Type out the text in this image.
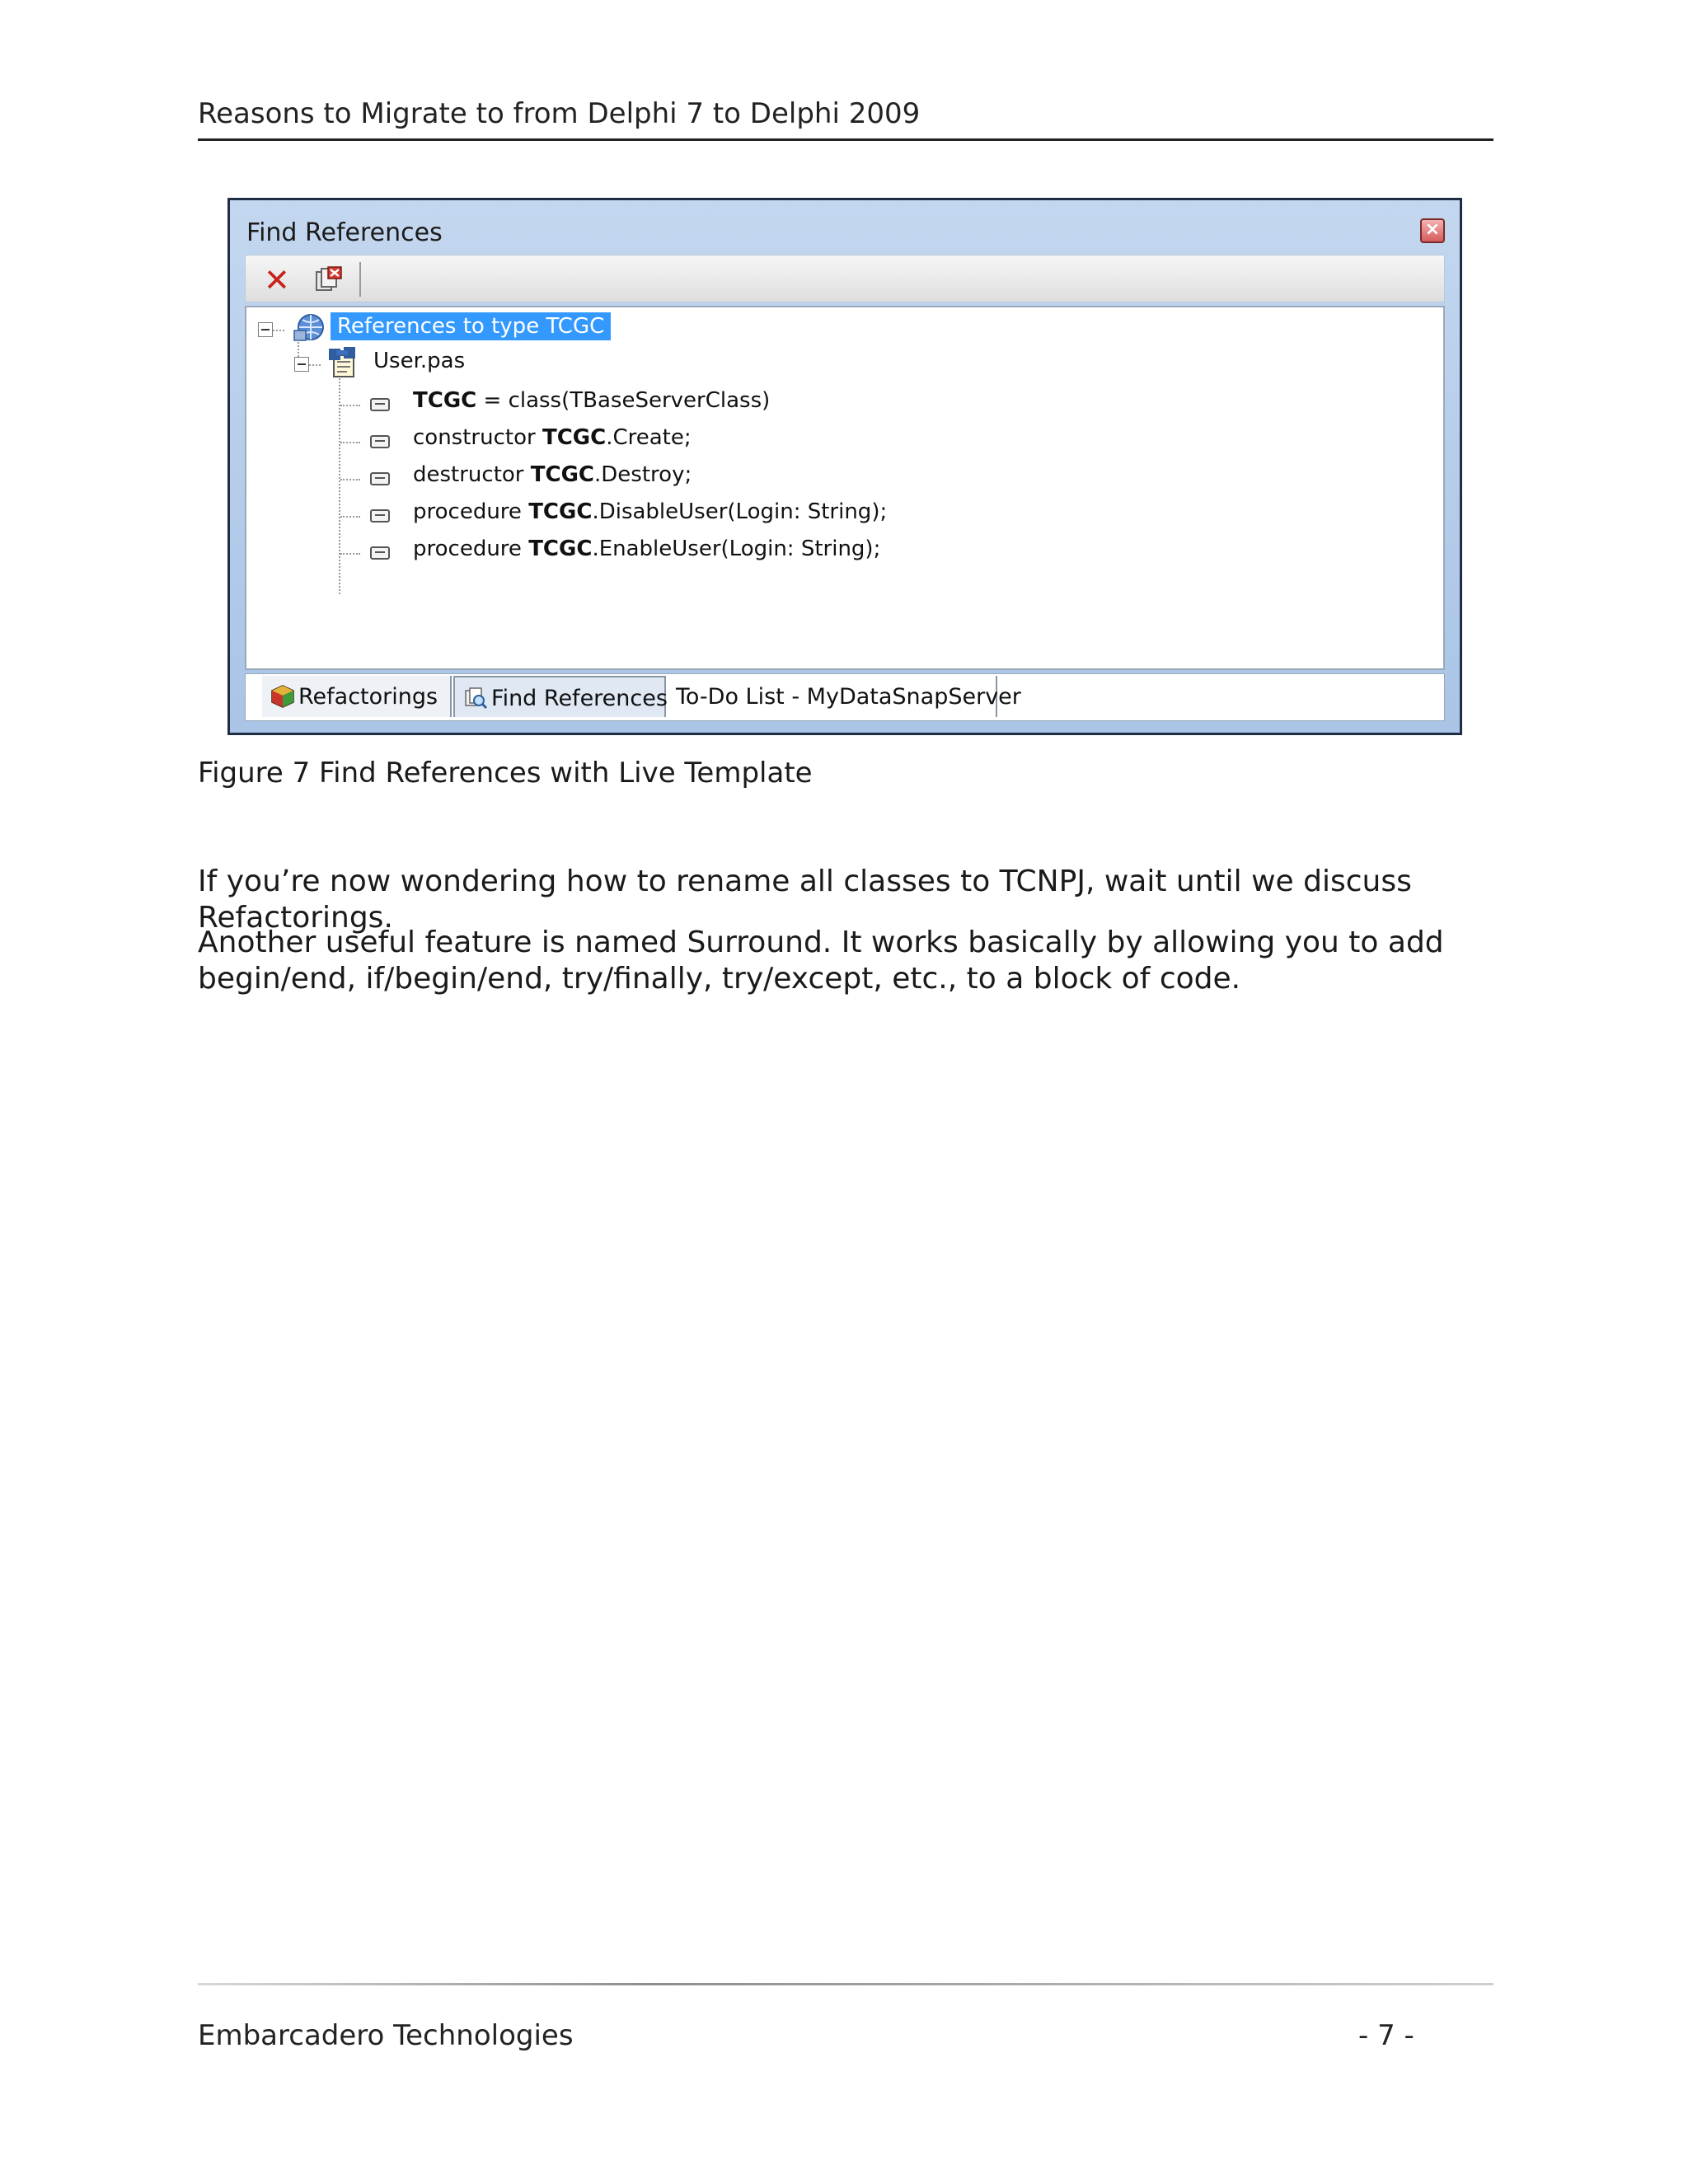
Reasons to Migrate to from Delphi 7 to Delphi 2009
Find References	×
✕
References to type TCGC
User.pas
TCGC = class(TBaseServerClass)
constructor TCGC.Create;
destructor TCGC.Destroy;
procedure TCGC.DisableUser(Login: String);
procedure TCGC.EnableUser(Login: String);
Refactorings	Find References To-Do List - MyDataSnapServer
Figure 7 Find References with Live Template

If you’re now wondering how to rename all classes to TCNPJ, wait until we discuss Refactorings.

Another useful feature is named Surround. It works basically by allowing you to add begin/end, if/begin/end, try/finally, try/except, etc., to a block of code.

Embarcadero Technologies	- 7 -
